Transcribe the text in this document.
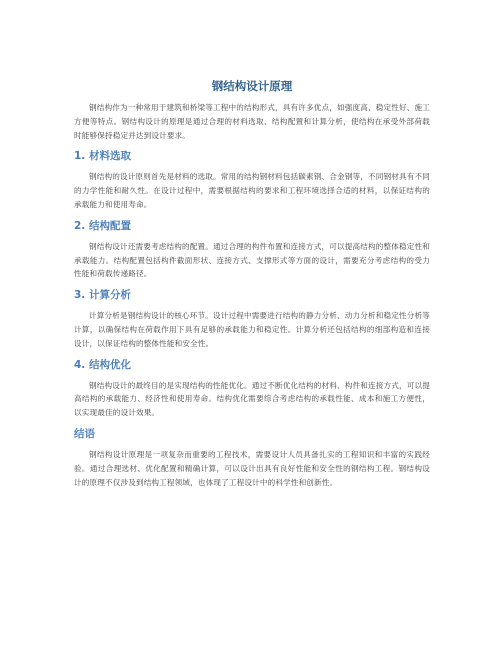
钢结构设计原理

钢结构作为一种常用于建筑和桥梁等工程中的结构形式，具有许多优点，如强度高、稳定性好、施工方便等特点。钢结构设计的原理是通过合理的材料选取、结构配置和计算分析，使结构在承受外部荷载时能够保持稳定并达到设计要求。

1. 材料选取

钢结构的设计原则首先是材料的选取。常用的结构钢材料包括碳素钢、合金钢等，不同钢材具有不同的力学性能和耐久性。在设计过程中，需要根据结构的要求和工程环境选择合适的材料，以保证结构的承载能力和使用寿命。

2. 结构配置

钢结构设计还需要考虑结构的配置。通过合理的构件布置和连接方式，可以提高结构的整体稳定性和承载能力。结构配置包括构件截面形状、连接方式、支撑形式等方面的设计，需要充分考虑结构的受力性能和荷载传递路径。

3. 计算分析

计算分析是钢结构设计的核心环节。设计过程中需要进行结构的静力分析、动力分析和稳定性分析等计算，以确保结构在荷载作用下具有足够的承载能力和稳定性。计算分析还包括结构的细部构造和连接设计，以保证结构的整体性能和安全性。

4. 结构优化

钢结构设计的最终目的是实现结构的性能优化。通过不断优化结构的材料、构件和连接方式，可以提高结构的承载能力、经济性和使用寿命。结构优化需要综合考虑结构的承载性能、成本和施工方便性，以实现最佳的设计效果。

结语

钢结构设计原理是一项复杂而重要的工程技术，需要设计人员具备扎实的工程知识和丰富的实践经验。通过合理选材、优化配置和精确计算，可以设计出具有良好性能和安全性的钢结构工程。钢结构设计的原理不仅涉及到结构工程领域，也体现了工程设计中的科学性和创新性。
